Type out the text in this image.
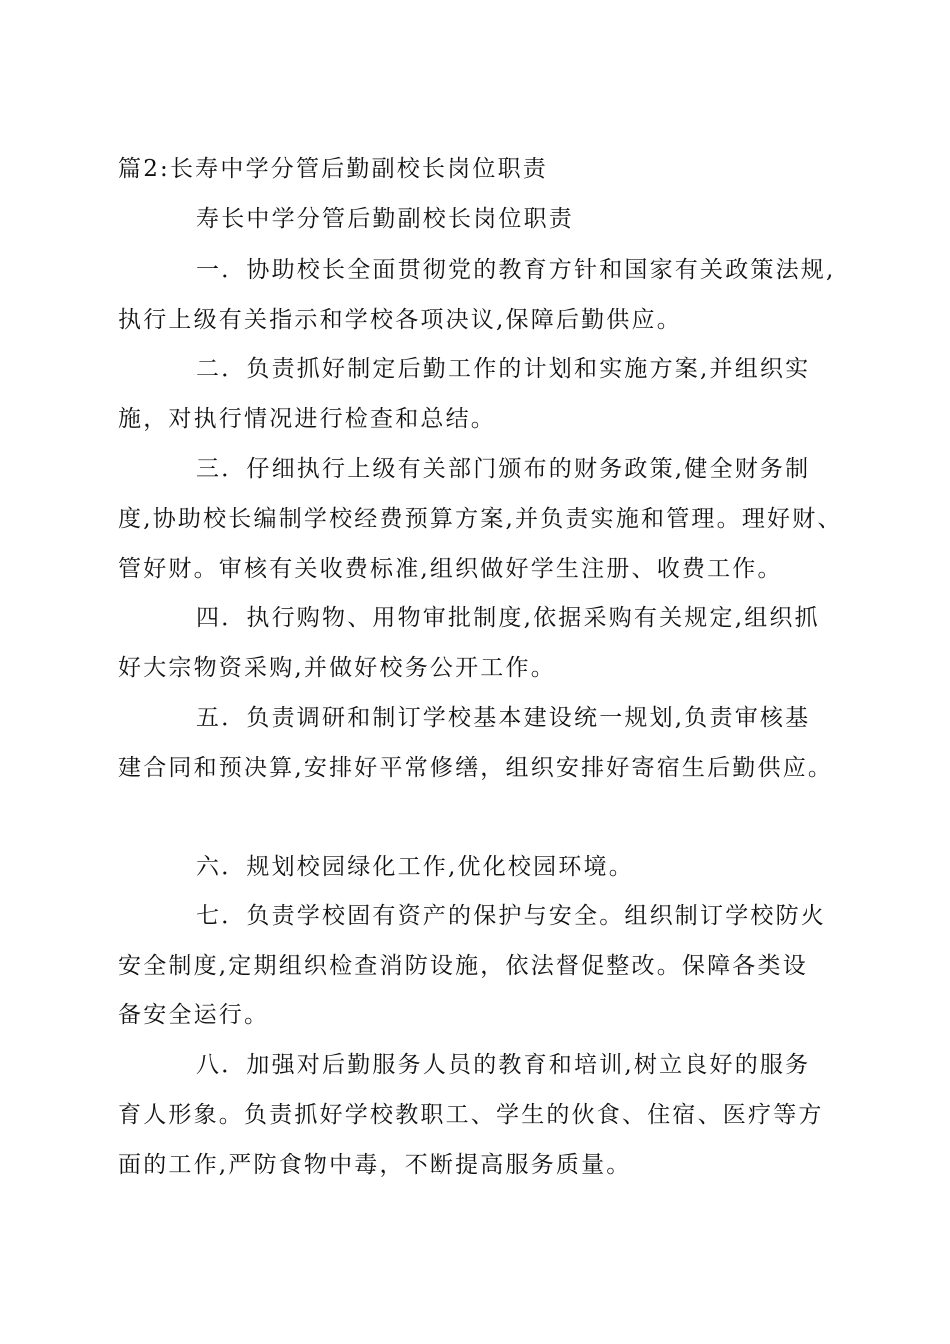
篇2:长寿中学分管后勤副校长岗位职责
寿长中学分管后勤副校长岗位职责
一．协助校长全面贯彻党的教育方针和国家有关政策法规,
执行上级有关指示和学校各项决议,保障后勤供应。
二．负责抓好制定后勤工作的计划和实施方案,并组织实
施，对执行情况进行检查和总结。
三．仔细执行上级有关部门颁布的财务政策,健全财务制
度,协助校长编制学校经费预算方案,并负责实施和管理。理好财、
管好财。审核有关收费标准,组织做好学生注册、收费工作。
四．执行购物、用物审批制度,依据采购有关规定,组织抓
好大宗物资采购,并做好校务公开工作。
五．负责调研和制订学校基本建设统一规划,负责审核基
建合同和预决算,安排好平常修缮，组织安排好寄宿生后勤供应。
六．规划校园绿化工作,优化校园环境。
七．负责学校固有资产的保护与安全。组织制订学校防火
安全制度,定期组织检查消防设施，依法督促整改。保障各类设
备安全运行。
八．加强对后勤服务人员的教育和培训,树立良好的服务
育人形象。负责抓好学校教职工、学生的伙食、住宿、医疗等方
面的工作,严防食物中毒，不断提高服务质量。
